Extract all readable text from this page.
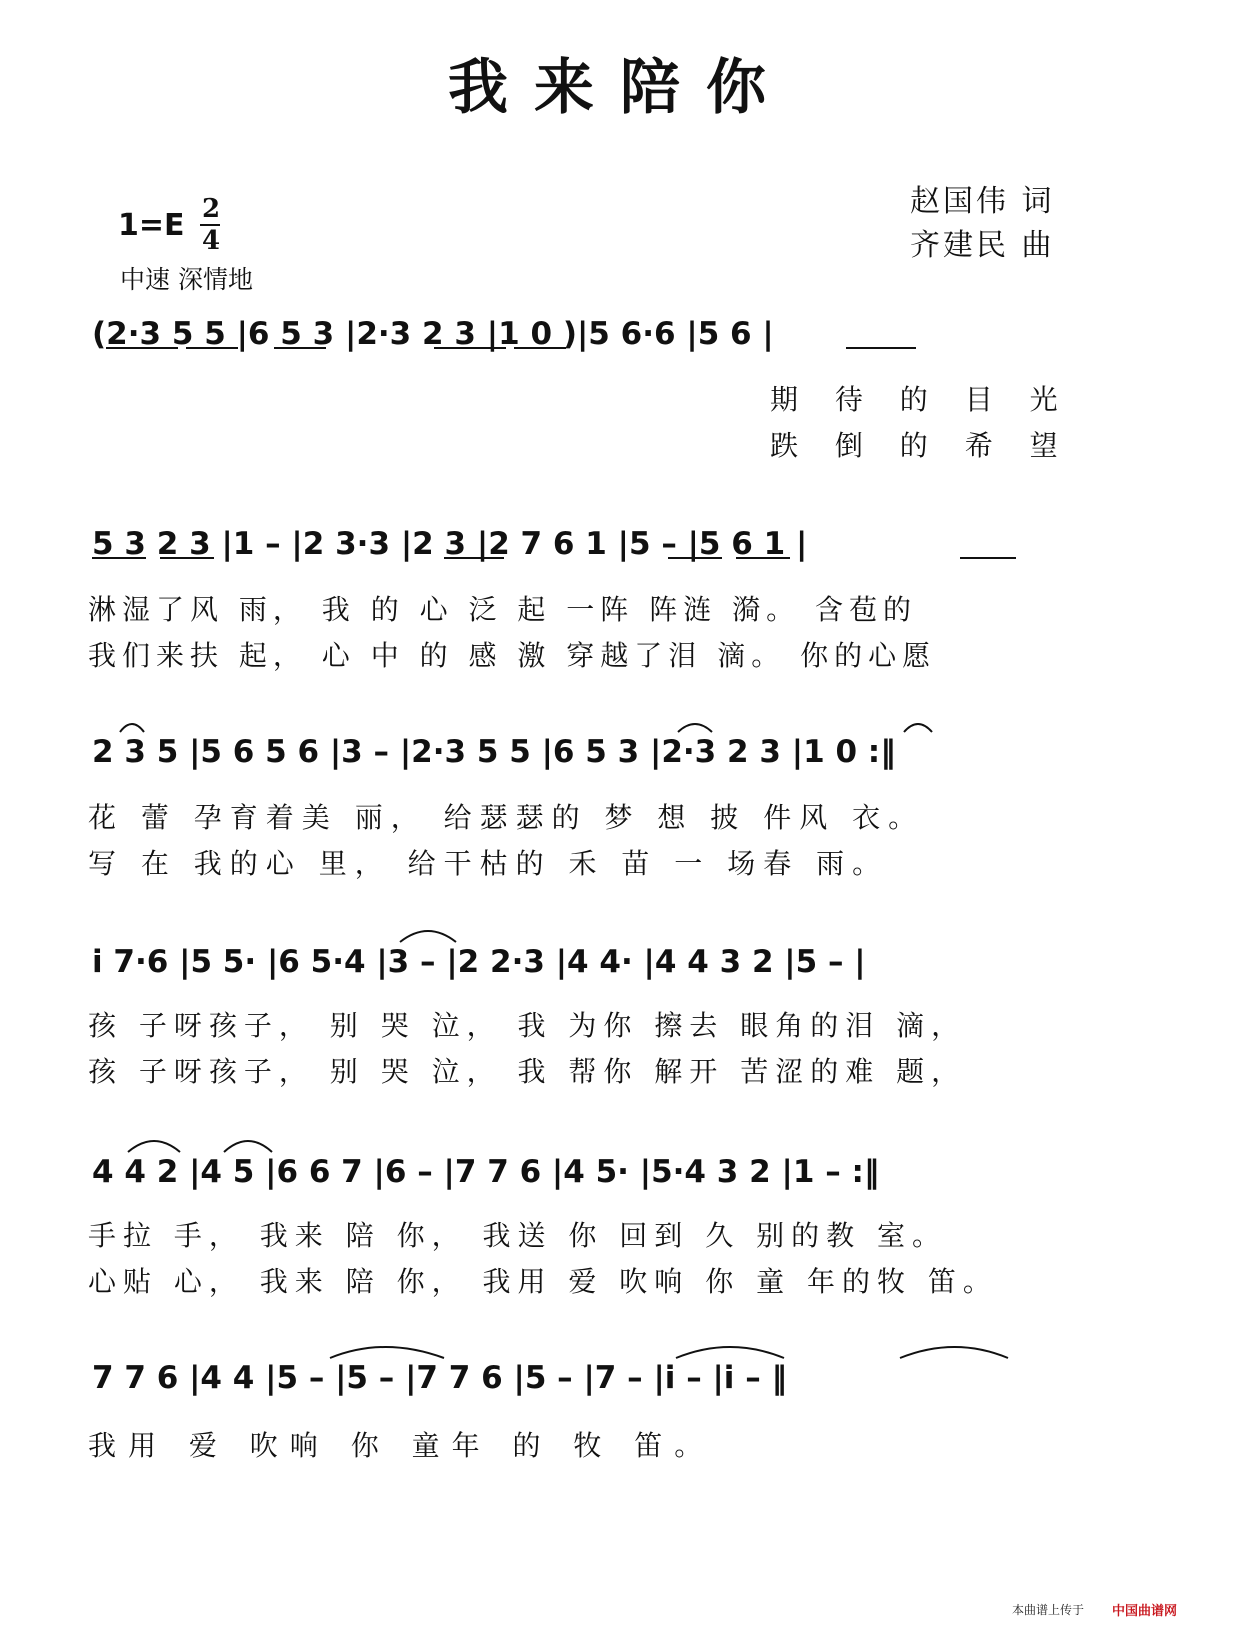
我来陪你
赵国伟 词
齐建民 曲
1=E 2
4
中速 深情地
(2·3 5 5 |6 5 3 |2·3 2 3 |1 0 )|5 6·6 |5 6 |
期 待 的 目 光
跌 倒 的 希 望
5 3 2 3 |1 – |2 3·3 |2 3 |2 7 6 1 |5 – |5 6 1 |
淋湿了风 雨， 我 的 心 泛 起 一阵 阵涟 漪。 含苞的
我们来扶 起， 心 中 的 感 激 穿越了泪 滴。 你的心愿
2 3 5 |5 6 5 6 |3 – |2·3 5 5 |6 5 3 |2·3 2 3 |1 0 :‖
花 蕾 孕育着美 丽， 给瑟瑟的 梦 想 披 件风 衣。
写 在 我的心 里， 给干枯的 禾 苗 一 场春 雨。
i 7·6 |5 5· |6 5·4 |3 – |2 2·3 |4 4· |4 4 3 2 |5 – |
孩 子呀孩子， 别 哭 泣， 我 为你 擦去 眼角的泪 滴，
孩 子呀孩子， 别 哭 泣， 我 帮你 解开 苦涩的难 题，
4 4 2 |4 5 |6 6 7 |6 – |7 7 6 |4 5· |5·4 3 2 |1 – :‖
手拉 手， 我来 陪 你， 我送 你 回到 久 别的教 室。
心贴 心， 我来 陪 你， 我用 爱 吹响 你 童 年的牧 笛。
7 7 6 |4 4 |5 – |5 – |7 7 6 |5 – |7 – |i – |i – ‖
我用 爱 吹响 你 童年 的 牧 笛。
本曲谱上传于 中国曲谱网
